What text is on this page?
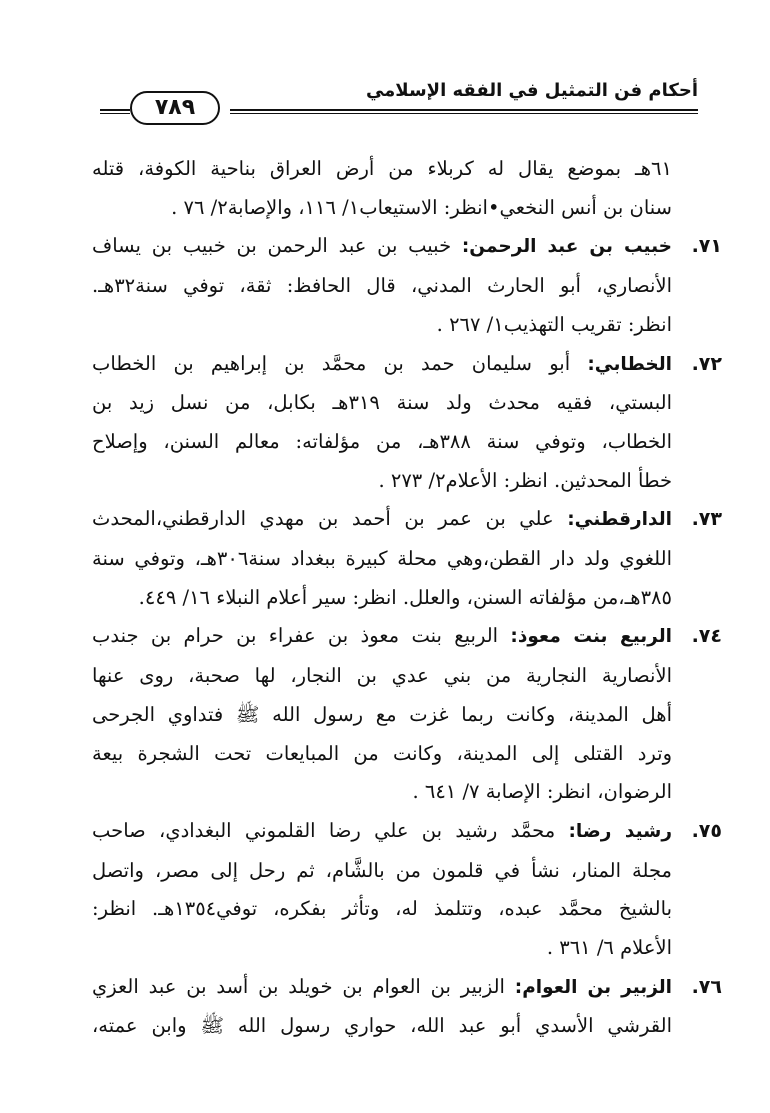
أحكام فن التمثيل في الفقه الإسلامي
٧٨٩
٦١هـ بموضع يقال له كربلاء من أرض العراق بناحية الكوفة، قتله
سنان بن أنس النخعي•انظر: الاستيعاب١/ ١١٦، والإصابة٢/ ٧٦ .
٧١.
خبيب بن عبد الرحمن: خبيب بن عبد الرحمن بن خبيب بن يساف
الأنصاري، أبو الحارث المدني، قال الحافظ: ثقة، توفي سنة٣٢هـ.
انظر: تقريب التهذيب١/ ٢٦٧ .
٧٢.
الخطابي: أبو سليمان حمد بن محمَّد بن إبراهيم بن الخطاب
البستي، فقيه محدث ولد سنة ٣١٩هـ بكابل، من نسل زيد بن
الخطاب، وتوفي سنة ٣٨٨هـ، من مؤلفاته: معالم السنن، وإصلاح
خطأ المحدثين. انظر: الأعلام٢/ ٢٧٣ .
٧٣.
الدارقطني: علي بن عمر بن أحمد بن مهدي الدارقطني،المحدث
اللغوي ولد دار القطن،وهي محلة كبيرة ببغداد سنة٣٠٦هـ، وتوفي سنة
٣٨٥هـ،من مؤلفاته السنن، والعلل. انظر: سير أعلام النبلاء ١٦/ ٤٤٩.
٧٤.
الربيع بنت معوذ: الربيع بنت معوذ بن عفراء بن حرام بن جندب
الأنصارية النجارية من بني عدي بن النجار، لها صحبة، روى عنها
أهل المدينة، وكانت ربما غزت مع رسول الله ﷺ فتداوي الجرحى
وترد القتلى إلى المدينة، وكانت من المبايعات تحت الشجرة بيعة
الرضوان، انظر: الإصابة ٧/ ٦٤١ .
٧٥.
رشيد رضا: محمَّد رشيد بن علي رضا القلموني البغدادي، صاحب
مجلة المنار، نشأ في قلمون من بالشَّام، ثم رحل إلى مصر، واتصل
بالشيخ محمَّد عبده، وتتلمذ له، وتأثر بفكره، توفي١٣٥٤هـ. انظر:
الأعلام ٦/ ٣٦١ .
٧٦.
الزبير بن العوام: الزبير بن العوام بن خويلد بن أسد بن عبد العزي
القرشي الأسدي أبو عبد الله، حواري رسول الله ﷺ وابن عمته،
